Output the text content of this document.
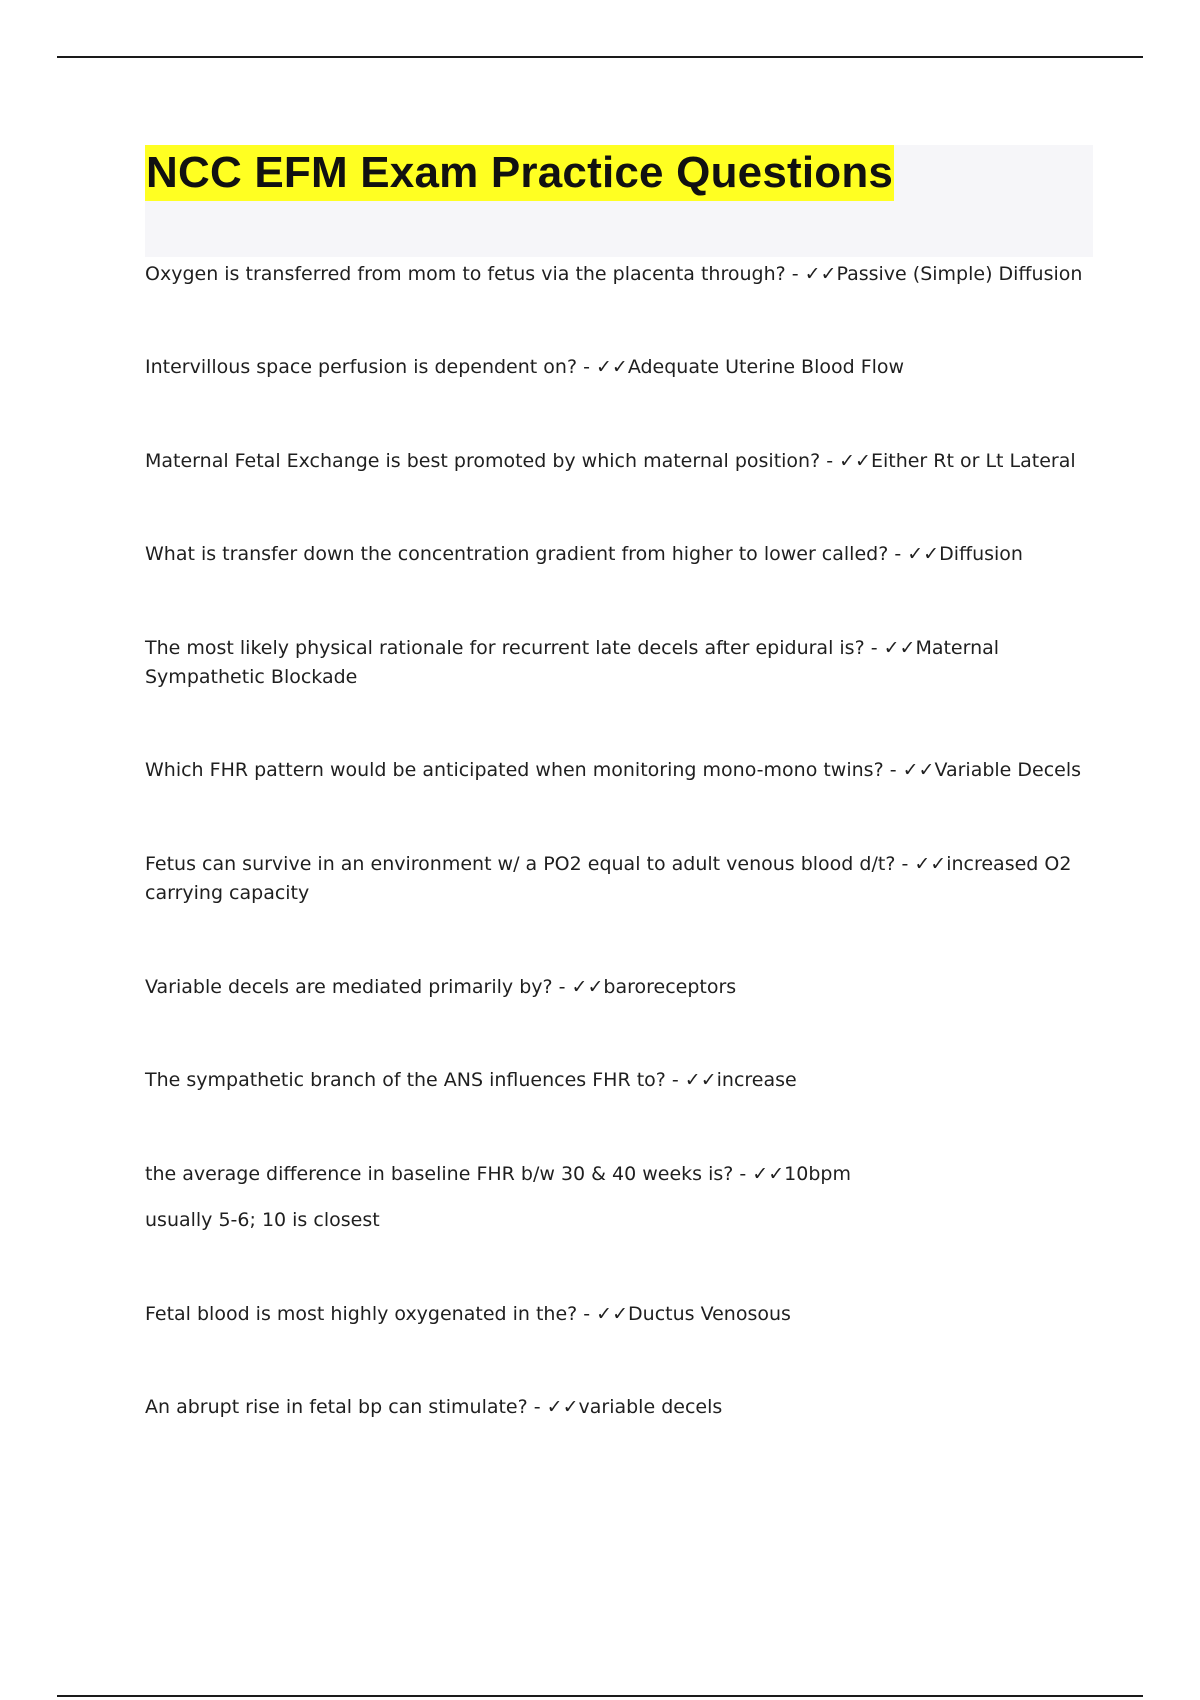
NCC EFM Exam Practice Questions
Oxygen is transferred from mom to fetus via the placenta through? - ✓✓Passive (Simple) Diffusion
Intervillous space perfusion is dependent on? - ✓✓Adequate Uterine Blood Flow
Maternal Fetal Exchange is best promoted by which maternal position? - ✓✓Either Rt or Lt Lateral
What is transfer down the concentration gradient from higher to lower called? - ✓✓Diffusion
The most likely physical rationale for recurrent late decels after epidural is? - ✓✓Maternal Sympathetic Blockade
Which FHR pattern would be anticipated when monitoring mono-mono twins? - ✓✓Variable Decels
Fetus can survive in an environment w/ a PO2 equal to adult venous blood d/t? - ✓✓increased O2 carrying capacity
Variable decels are mediated primarily by? - ✓✓baroreceptors
The sympathetic branch of the ANS influences FHR to? - ✓✓increase
the average difference in baseline FHR b/w 30 & 40 weeks is? - ✓✓10bpm
usually 5-6; 10 is closest
Fetal blood is most highly oxygenated in the? - ✓✓Ductus Venosous
An abrupt rise in fetal bp can stimulate? - ✓✓variable decels
